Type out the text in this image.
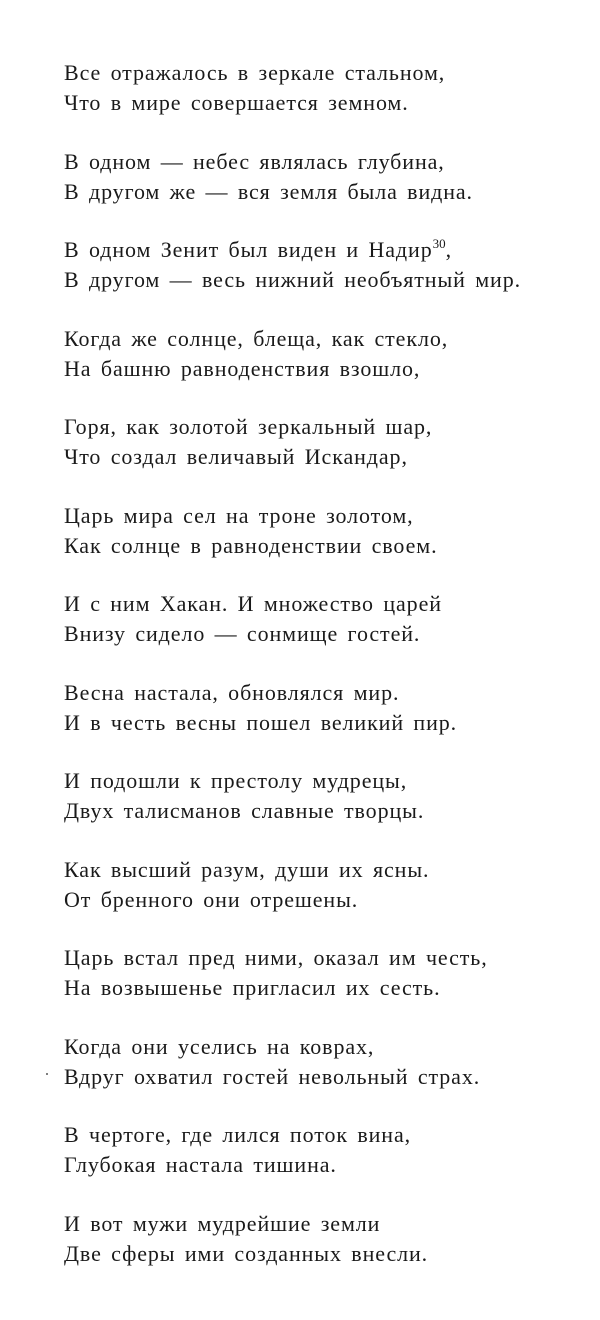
Все отражалось в зеркале стальном,
Что в мире совершается земном.
В одном — небес являлась глубина,
В другом же — вся земля была видна.
В одном Зенит был виден и Надир$^{30}$,
В другом — весь нижний необъятный мир.
Когда же солнце, блеща, как стекло,
На башню равноденствия взошло,
Горя, как золотой зеркальный шар,
Что создал величавый Искандар,
Царь мира сел на троне золотом,
Как солнце в равноденствии своем.
И с ним Хакан. И множество царей
Внизу сидело — сонмище гостей.
Весна настала, обновлялся мир.
И в честь весны пошел великий пир.
И подошли к престолу мудрецы,
Двух талисманов славные творцы.
Как высший разум, души их ясны.
От бренного они отрешены.
Царь встал пред ними, оказал им честь,
На возвышенье пригласил их сесть.
Когда они уселись на коврах,
Вдруг охватил гостей невольный страх.
В чертоге, где лился поток вина,
Глубокая настала тишина.
И вот мужи мудрейшие земли
Две сферы ими созданных внесли.
